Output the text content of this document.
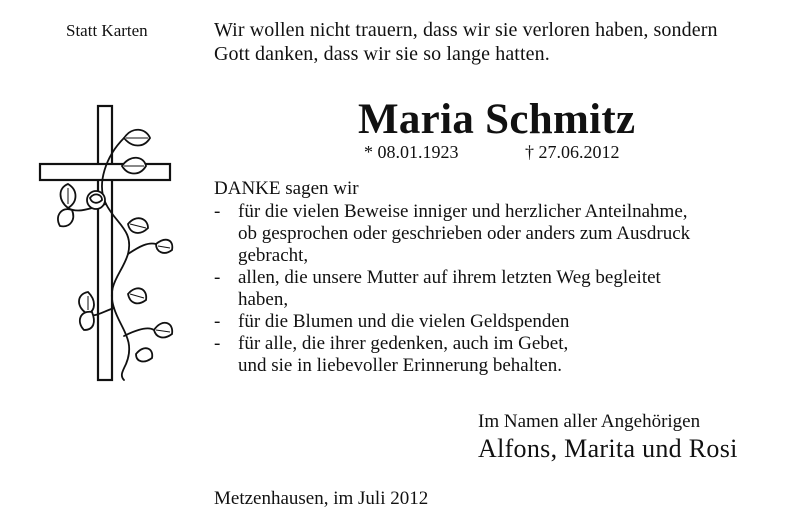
Statt Karten	Wir wollen nicht trauern, dass wir sie verloren haben, sondern
Gott danken, dass wir sie so lange hatten.
Maria Schmitz
* 08.01.1923	† 27.06.2012
DANKE sagen wir
- für die vielen Beweise inniger und herzlicher Anteilnahme,
ob gesprochen oder geschrieben oder anders zum Ausdruck
gebracht,
- allen, die unsere Mutter auf ihrem letzten Weg begleitet
haben,
- für die Blumen und die vielen Geldspenden
- für alle, die ihrer gedenken, auch im Gebet,
und sie in liebevoller Erinnerung behalten.
Im Namen aller Angehörigen
Alfons, Marita und Rosi
Metzenhausen, im Juli 2012
